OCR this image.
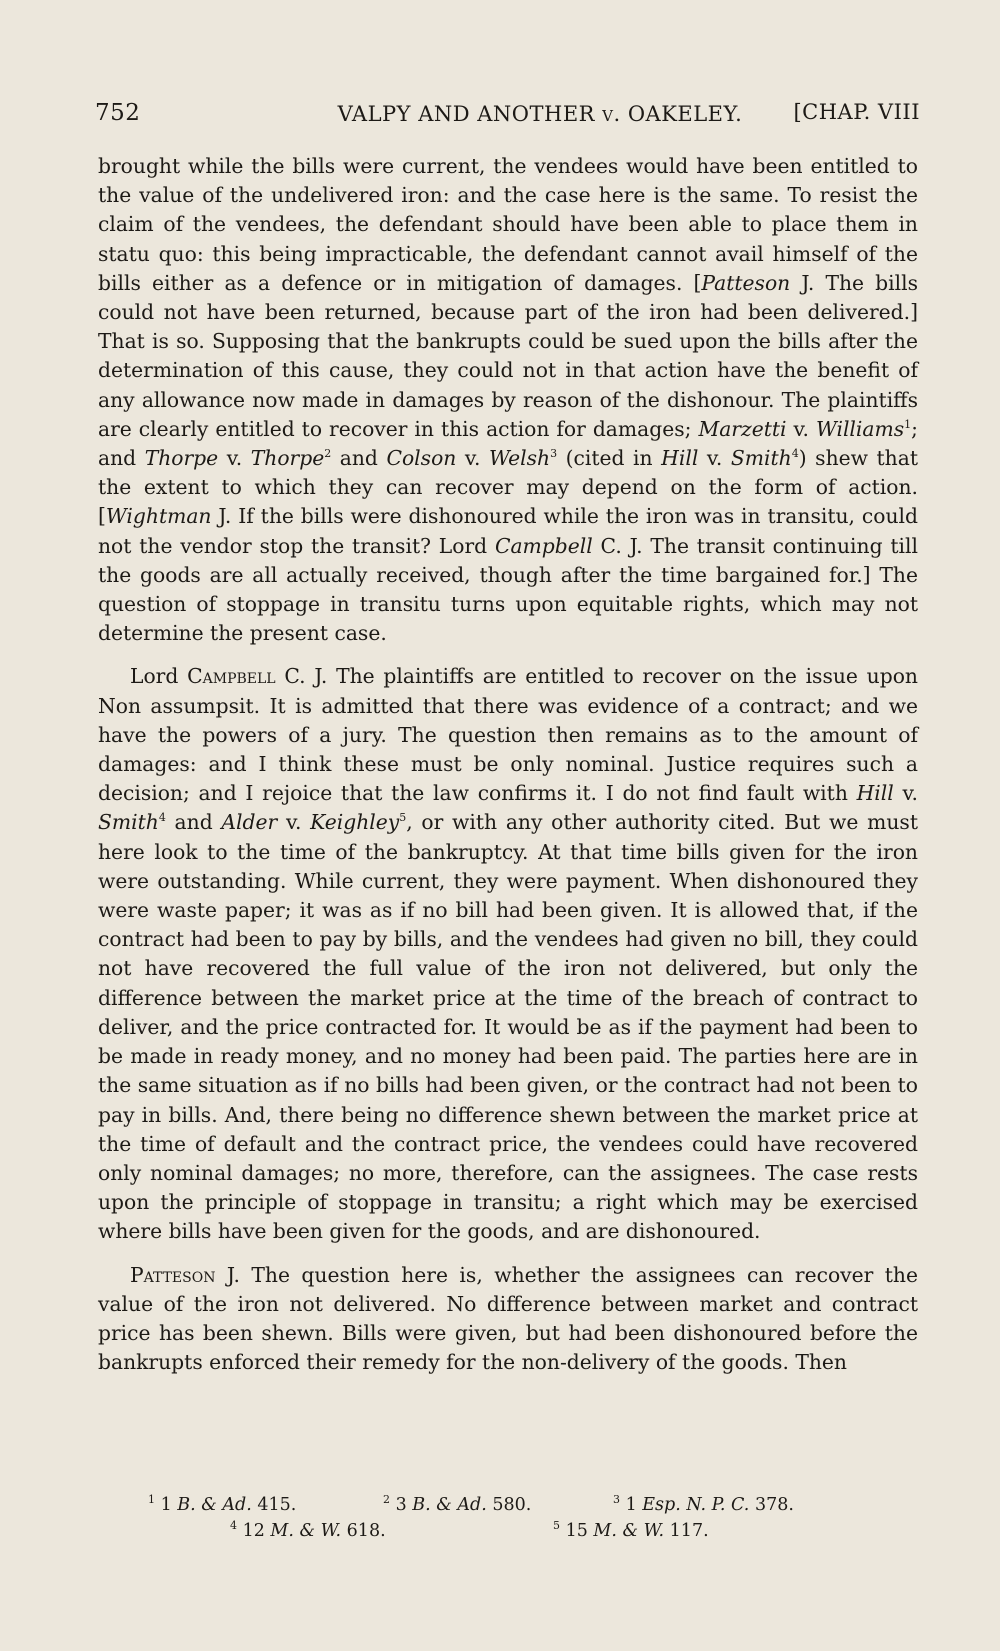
752	VALPY AND ANOTHER v. OAKELEY.	[CHAP. VIII

brought while the bills were current, the vendees would have been entitled to the value of the undelivered iron: and the case here is the same. To resist the claim of the vendees, the defendant should have been able to place them in statu quo: this being impracticable, the defendant cannot avail himself of the bills either as a defence or in mitigation of damages. [Patteson J. The bills could not have been returned, because part of the iron had been delivered.] That is so. Supposing that the bankrupts could be sued upon the bills after the determination of this cause, they could not in that action have the benefit of any allowance now made in damages by reason of the dishonour. The plaintiffs are clearly entitled to recover in this action for damages; Marzetti v. Williams$^1$; and Thorpe v. Thorpe$^2$ and Colson v. Welsh$^3$ (cited in Hill v. Smith$^4$) shew that the extent to which they can recover may depend on the form of action. [Wightman J. If the bills were dishonoured while the iron was in transitu, could not the vendor stop the transit? Lord Campbell C. J. The transit continuing till the goods are all actually received, though after the time bargained for.] The question of stoppage in transitu turns upon equitable rights, which may not determine the present case.

Lord Campbell C. J. The plaintiffs are entitled to recover on the issue upon Non assumpsit. It is admitted that there was evidence of a contract; and we have the powers of a jury. The question then remains as to the amount of damages: and I think these must be only nominal. Justice requires such a decision; and I rejoice that the law confirms it. I do not find fault with Hill v. Smith$^4$ and Alder v. Keighley$^5$, or with any other authority cited. But we must here look to the time of the bankruptcy. At that time bills given for the iron were outstanding. While current, they were payment. When dishonoured they were waste paper; it was as if no bill had been given. It is allowed that, if the contract had been to pay by bills, and the vendees had given no bill, they could not have recovered the full value of the iron not delivered, but only the difference between the market price at the time of the breach of contract to deliver, and the price contracted for. It would be as if the payment had been to be made in ready money, and no money had been paid. The parties here are in the same situation as if no bills had been given, or the contract had not been to pay in bills. And, there being no difference shewn between the market price at the time of default and the contract price, the vendees could have recovered only nominal damages; no more, therefore, can the assignees. The case rests upon the principle of stoppage in transitu; a right which may be exercised where bills have been given for the goods, and are dishonoured.

Patteson J. The question here is, whether the assignees can recover the value of the iron not delivered. No difference between market and contract price has been shewn. Bills were given, but had been dishonoured before the bankrupts enforced their remedy for the non-delivery of the goods. Then

$^1$ 1 B. & Ad. 415.	$^2$ 3 B. & Ad. 580.	$^3$ 1 Esp. N. P. C. 378.
$^4$ 12 M. & W. 618.	$^5$ 15 M. & W. 117.
